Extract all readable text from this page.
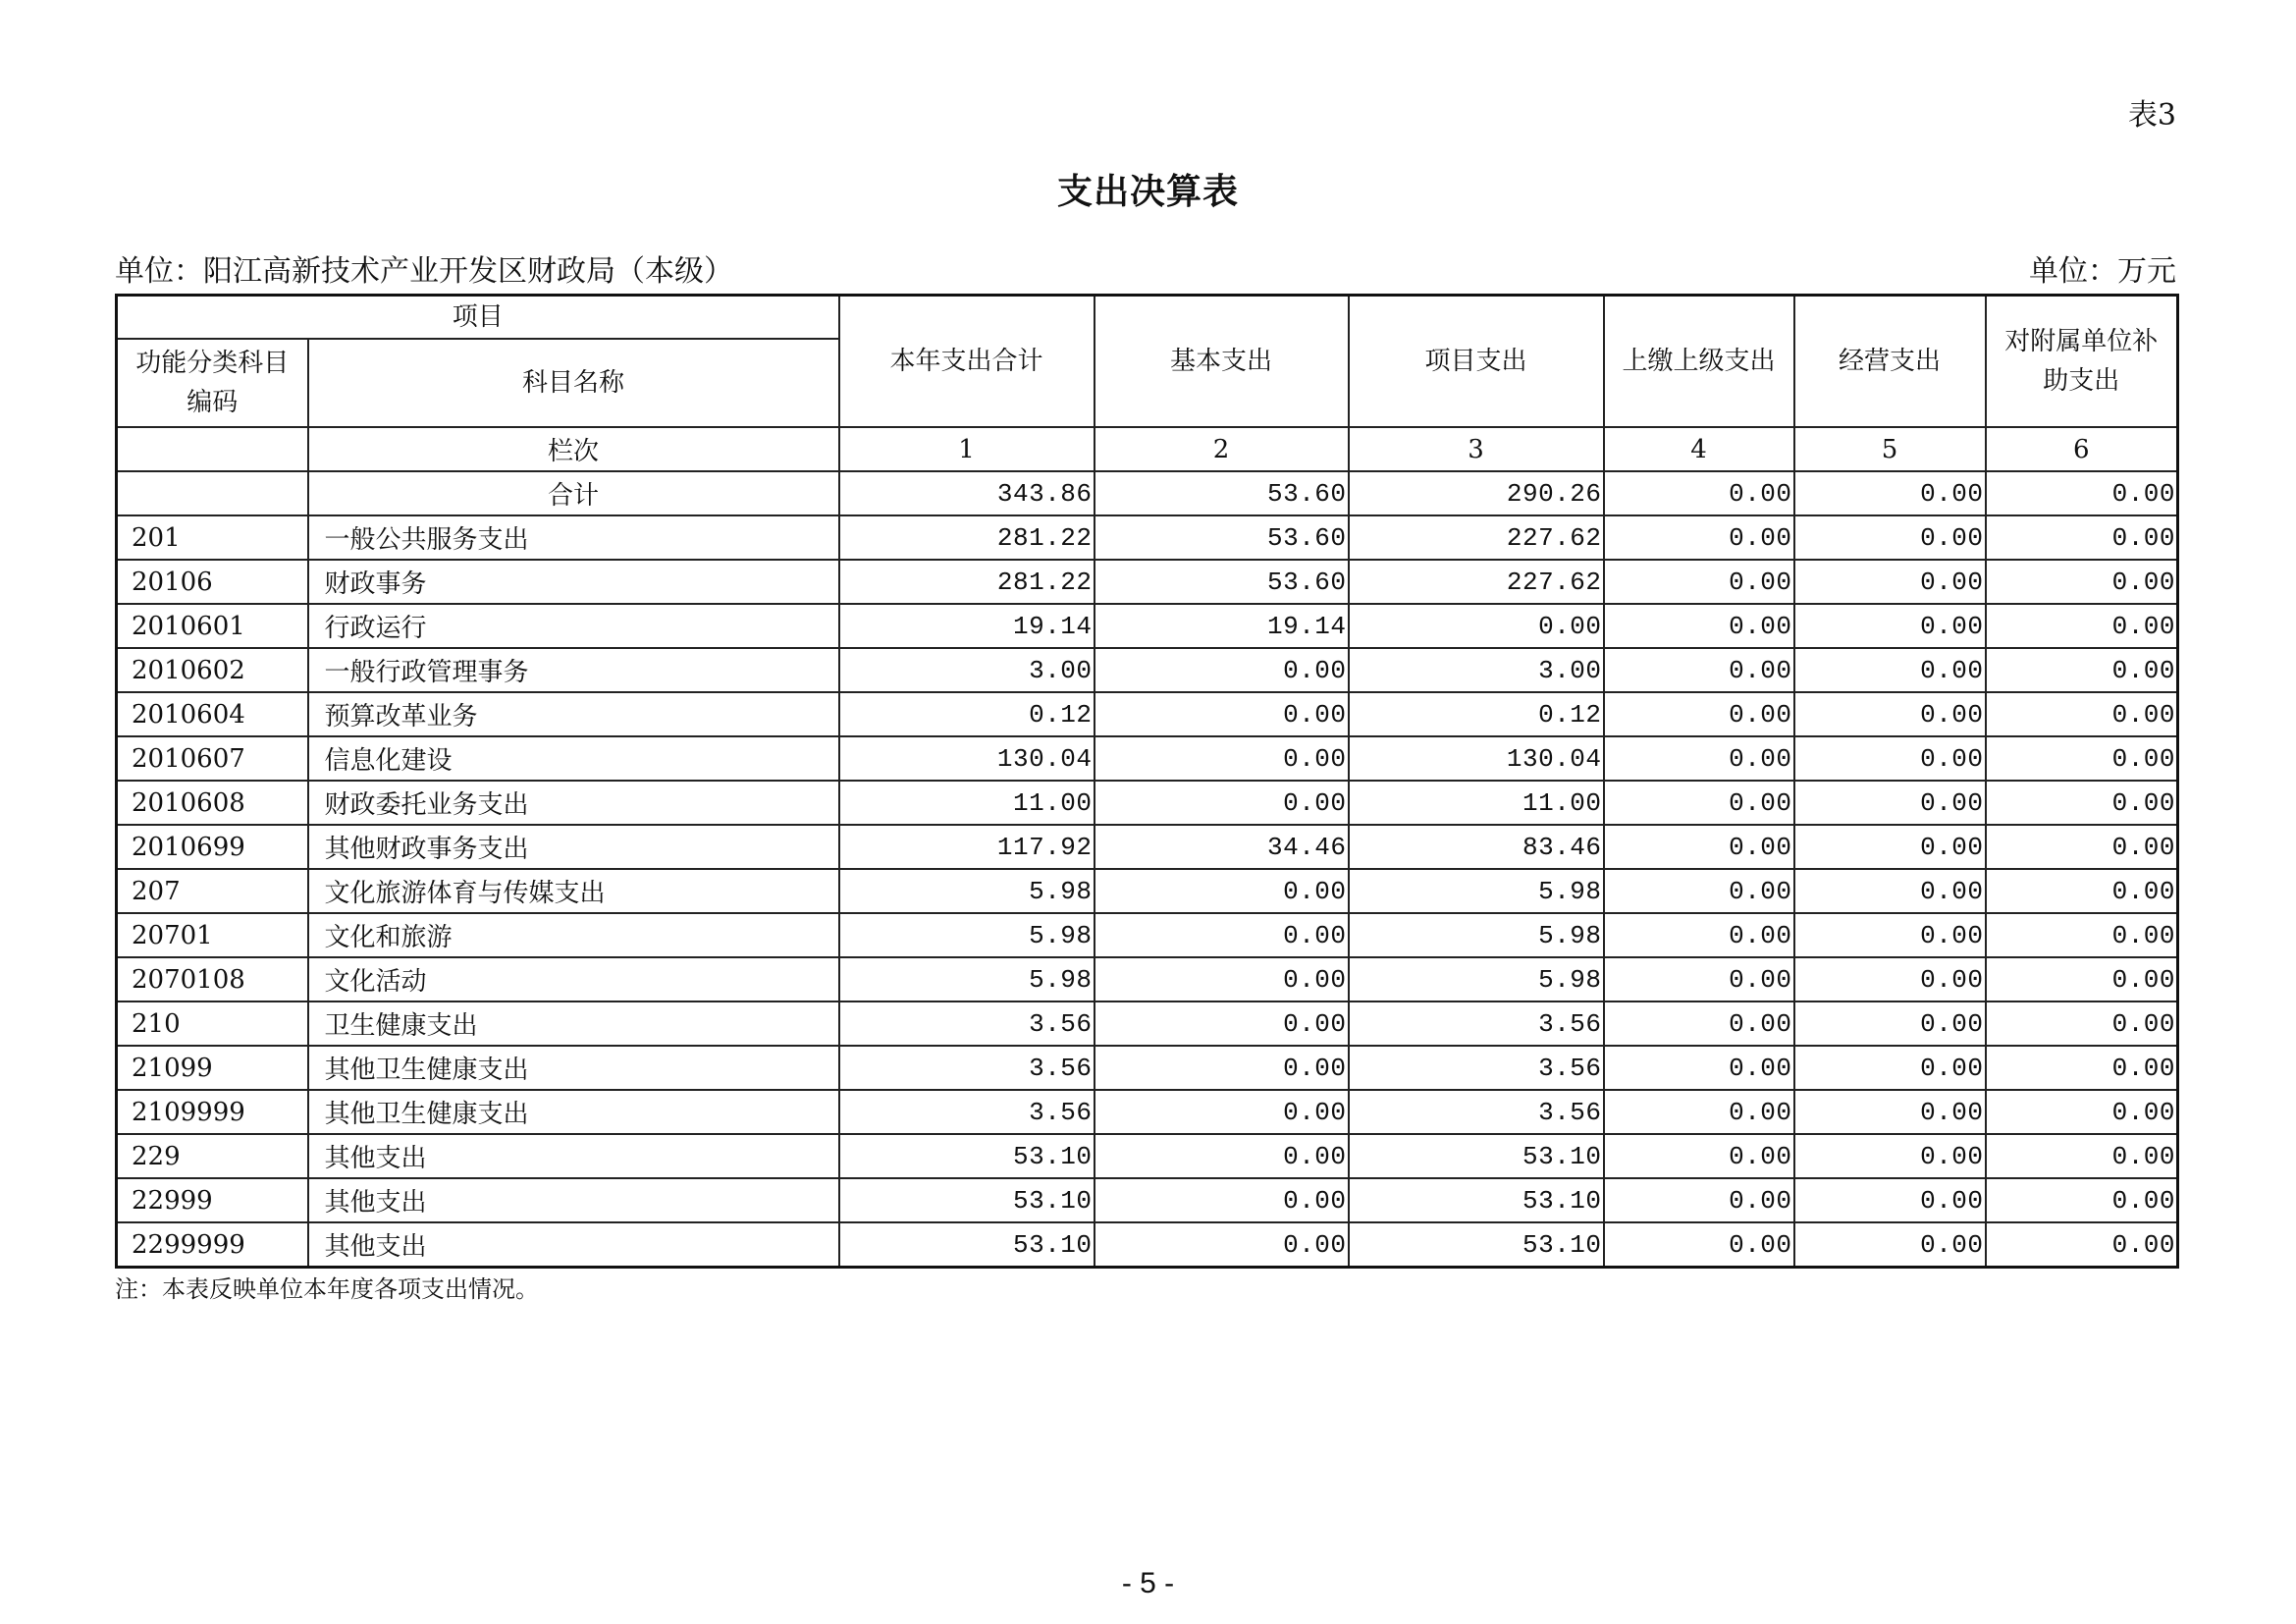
表3
支出决算表
单位：阳江高新技术产业开发区财政局（本级）	单位：万元
项目		本年支出合计	基本支出	项目支出	上缴上级支出	经营支出	对附属单位补助支出
功能分类科目编码	科目名称						
	栏次	1	2	3	4	5	6
	合计	343.86	53.60	290.26	0.00	0.00	0.00
201	一般公共服务支出	281.22	53.60	227.62	0.00	0.00	0.00
20106	财政事务	281.22	53.60	227.62	0.00	0.00	0.00
2010601	行政运行	19.14	19.14	0.00	0.00	0.00	0.00
2010602	一般行政管理事务	3.00	0.00	3.00	0.00	0.00	0.00
2010604	预算改革业务	0.12	0.00	0.12	0.00	0.00	0.00
2010607	信息化建设	130.04	0.00	130.04	0.00	0.00	0.00
2010608	财政委托业务支出	11.00	0.00	11.00	0.00	0.00	0.00
2010699	其他财政事务支出	117.92	34.46	83.46	0.00	0.00	0.00
207	文化旅游体育与传媒支出	5.98	0.00	5.98	0.00	0.00	0.00
20701	文化和旅游	5.98	0.00	5.98	0.00	0.00	0.00
2070108	文化活动	5.98	0.00	5.98	0.00	0.00	0.00
210	卫生健康支出	3.56	0.00	3.56	0.00	0.00	0.00
21099	其他卫生健康支出	3.56	0.00	3.56	0.00	0.00	0.00
2109999	其他卫生健康支出	3.56	0.00	3.56	0.00	0.00	0.00
229	其他支出	53.10	0.00	53.10	0.00	0.00	0.00
22999	其他支出	53.10	0.00	53.10	0.00	0.00	0.00
2299999	其他支出	53.10	0.00	53.10	0.00	0.00	0.00
注：本表反映单位本年度各项支出情况。
- 5 -
